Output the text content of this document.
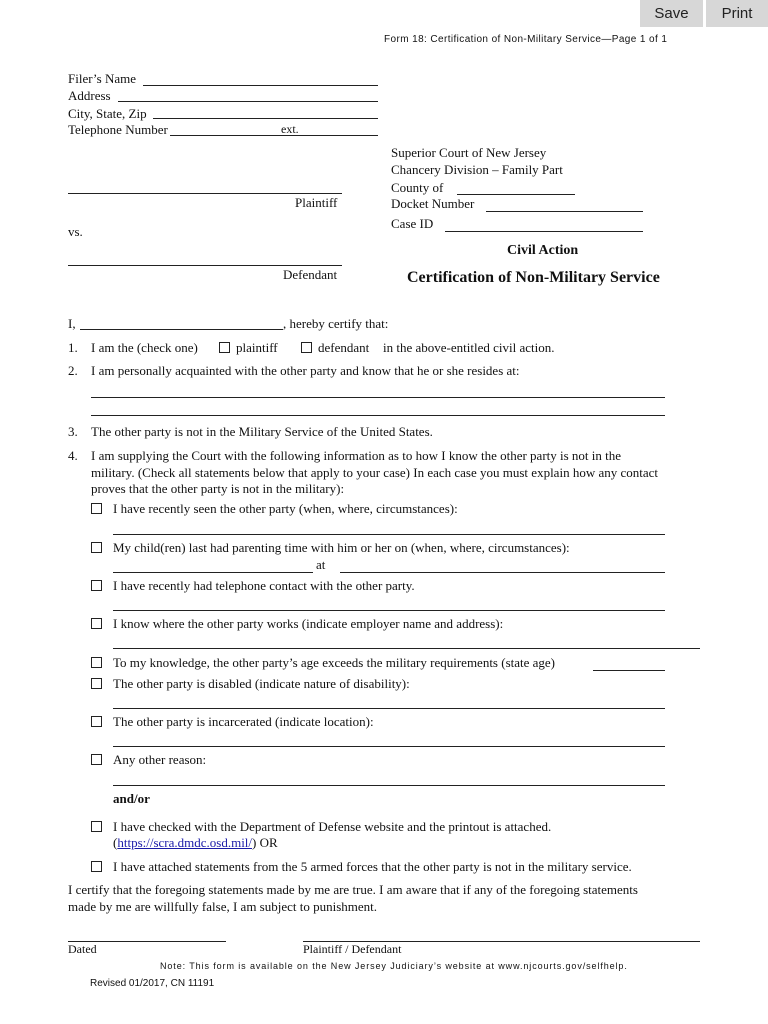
Save	Print
Form 18: Certification of Non-Military Service—Page 1 of 1
Filer’s Name
Address
City, State, Zip
Telephone Number	ext.
Superior Court of New Jersey
Chancery Division – Family Part
County of
Docket Number
Case ID
Civil Action
Certification of Non-Military Service
Plaintiff
vs.
Defendant
I,	, hereby certify that:
1. I am the (check one)	plaintiff	defendant in the above-entitled civil action.
2. I am personally acquainted with the other party and know that he or she resides at:
3. The other party is not in the Military Service of the United States.
4. I am supplying the Court with the following information as to how I know the other party is not in the
military. (Check all statements below that apply to your case) In each case you must explain how any contact
proves that the other party is not in the military):
I have recently seen the other party (when, where, circumstances):
My child(ren) last had parenting time with him or her on (when, where, circumstances):
at
I have recently had telephone contact with the other party.
I know where the other party works (indicate employer name and address):
To my knowledge, the other party’s age exceeds the military requirements (state age)
The other party is disabled (indicate nature of disability):
The other party is incarcerated (indicate location):
Any other reason:
and/or
I have checked with the Department of Defense website and the printout is attached.
(https://scra.dmdc.osd.mil/) OR
I have attached statements from the 5 armed forces that the other party is not in the military service.
I certify that the foregoing statements made by me are true. I am aware that if any of the foregoing statements
made by me are willfully false, I am subject to punishment.
Dated	Plaintiff / Defendant
Note: This form is available on the New Jersey Judiciary’s website at www.njcourts.gov/selfhelp.
Revised 01/2017, CN 11191
